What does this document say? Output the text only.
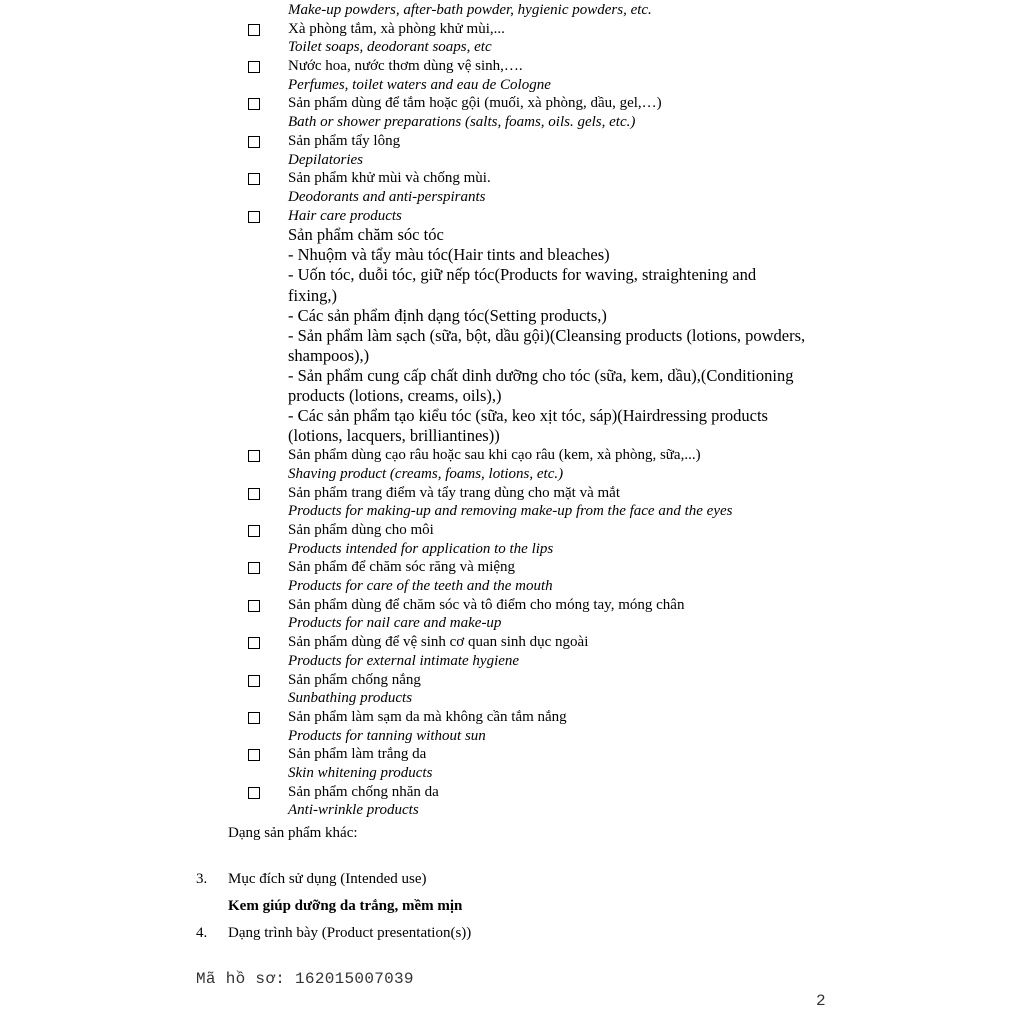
Make-up powders, after-bath powder, hygienic powders, etc.
Xà phòng tắm, xà phòng khử mùi,...
Toilet soaps, deodorant soaps, etc
Nước hoa, nước thơm dùng vệ sinh,….
Perfumes, toilet waters and eau de Cologne
Sản phẩm dùng để tắm hoặc gội (muối, xà phòng, dầu, gel,…)
Bath or shower preparations (salts, foams, oils. gels, etc.)
Sản phẩm tẩy lông
Depilatories
Sản phẩm khử mùi và chống mùi.
Deodorants and anti-perspirants
Hair care products
Sản phẩm chăm sóc tóc
- Nhuộm và tẩy màu tóc(Hair tints and bleaches)
- Uốn tóc, duỗi tóc, giữ nếp tóc(Products for waving, straightening and fixing,)
- Các sản phẩm định dạng tóc(Setting products,)
- Sản phẩm làm sạch (sữa, bột, dầu gội)(Cleansing products (lotions, powders, shampoos),)
- Sản phẩm cung cấp chất dinh dưỡng cho tóc (sữa, kem, dầu),(Conditioning products (lotions, creams, oils),)
- Các sản phẩm tạo kiểu tóc (sữa, keo xịt tóc, sáp)(Hairdressing products (lotions, lacquers, brilliantines))
Sản phẩm dùng cạo râu hoặc sau khi cạo râu (kem, xà phòng, sữa,...)
Shaving product (creams, foams, lotions, etc.)
Sản phẩm trang điểm và tẩy trang dùng cho mặt và mắt
Products for making-up and removing make-up from the face and the eyes
Sản phẩm dùng cho môi
Products intended for application to the lips
Sản phẩm để chăm sóc răng và miệng
Products for care of the teeth and the mouth
Sản phẩm dùng để chăm sóc và tô điểm cho móng tay, móng chân
Products for nail care and make-up
Sản phẩm dùng để vệ sinh cơ quan sinh dục ngoài
Products for external intimate hygiene
Sản phẩm chống nắng
Sunbathing products
Sản phẩm làm sạm da mà không cần tắm nắng
Products for tanning without sun
Sản phẩm làm trắng da
Skin whitening products
Sản phẩm chống nhăn da
Anti-wrinkle products
Dạng sản phẩm khác:
3. Mục đích sử dụng (Intended use)
Kem giúp dưỡng da trắng, mềm mịn
4. Dạng trình bày (Product presentation(s))
Mã hồ sơ: 162015007039
2
